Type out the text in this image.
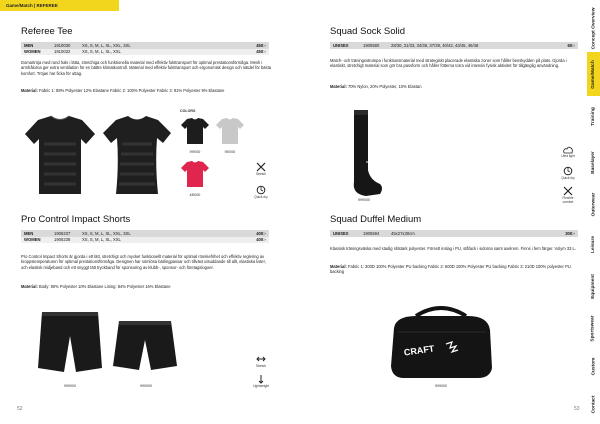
Game/Match | REFEREE
Concept Overview
Game/Match
Training
Baselayer
Outerwear
Leisure
Equipment
Sportswear
Custom
Contact
Referee Tee
MEN	1910030	XS, S, M, L, XL, XXL, 3XL	450:-
WOMEN	1910032	XS, S, M, L, XL, XXL	450:-
Domartröja med rund hals i lätta, stretchiga och funktionella material med effektiv fukttransport för optimal prestationsförmåga. Mesh i armhålorna ger extra ventilation för en bättre klimatkontroll. Material med effektiv fukttransport och ergonomisk design och nätdel för bästa komfort. Tröjan har ficka för uttag.
Material: Fabric 1: 88% Polyester 12% Elastane Fabric 2: 100% Polyester Fabric 3: 91% Polyester 9% Elastane
COLORS
999000	950000
485000
Stretch
Quick dry
Pro Control Impact Shorts
MEN	1906237	XS, S, M, L, XL, XXL, 3XL	400:-
WOMEN	1906238	XS, S, M, L, XL, XXL	400:-
Pro Control Impact Shorts är gjorda i ett lätt, stretchigt och mycket funktionellt material för optimal rörelsefrihet och effektiv reglering av kroppstemperaturen för optimal prestationsförmåga. Designen har sömlösa bärlingpassar och tillväxt utsuddande till allt, elastiska lister, och elastisk midjeband och ett snyggt tätt tryckband för sponsoring av klubb-, sponsor- och företagslogoer.
Material: Body: 90% Polyester 10% Elastane Lining: 84% Polyester 16% Elastane
999000	999000
Stretch
Lightweight
52
Squad Sock Solid
UNISEX	1905580	28/30, 31/33, 34/36, 37/39, 40/42, 43/45, 46/48	60:-
Match- och träningsstrumpa i funktionsmaterial med strategiskt placerade elastiska zoner som håller benskydden på plats. Gjorda i elastiskt, stretchigt material som gör bra passform och håller fötterna torra vid intensiv fysisk aktivitet för tillgänglig användning.
Material: 70% Nylon, 20% Polyester, 10% Elastan
999000
Ultra light
Quick dry
Flexible comfort
Squad Duffel Medium
UNISEX	1905594	45x27x30cm	300:-
Klassisk träningsväska med stadig slitstark polyester. Försett inslag i PU, ståfack i sidorna samt axelrem. Finns i fem färger. Volym 33 L.
Material: Fabric 1: 300D 100% Polyester PU backing Fabric 2: 600D 100% Polyester PU backing Fabric 3: 210D 100% polyester PU backing
CRAFT
999000
53
